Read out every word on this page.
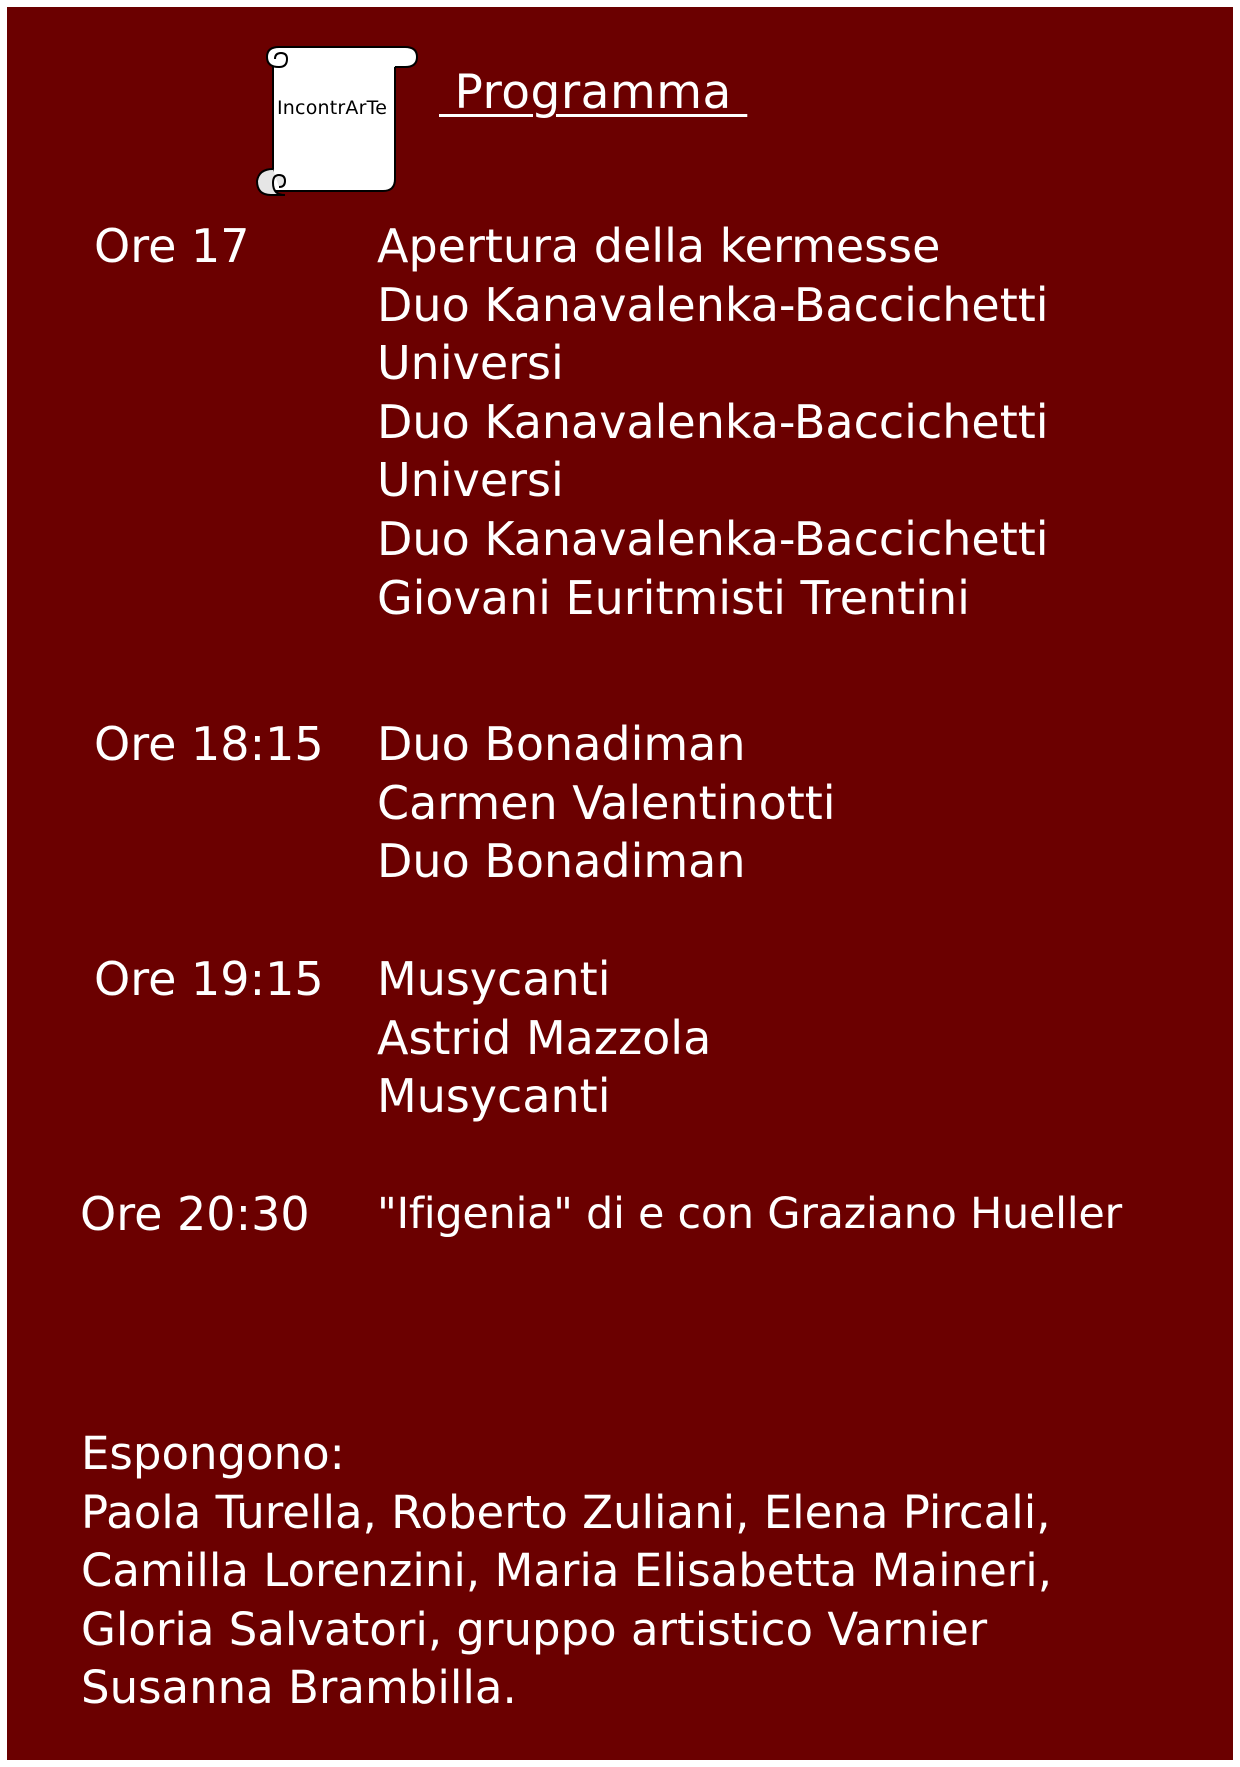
IncontrArTe Programma
Ore 17	Apertura della kermesse
Duo Kanavalenka-Baccichetti
Universi
Duo Kanavalenka-Baccichetti
Universi
Duo Kanavalenka-Baccichetti
Giovani Euritmisti Trentini
Ore 18:15 Duo Bonadiman
Carmen Valentinotti
Duo Bonadiman
Ore 19:15 Musycanti
Astrid Mazzola
Musycanti
Ore 20:30 "Ifigenia" di e con Graziano Hueller
Espongono:
Paola Turella, Roberto Zuliani, Elena Pircali,
Camilla Lorenzini, Maria Elisabetta Maineri,
Gloria Salvatori, gruppo artistico Varnier
Susanna Brambilla.
